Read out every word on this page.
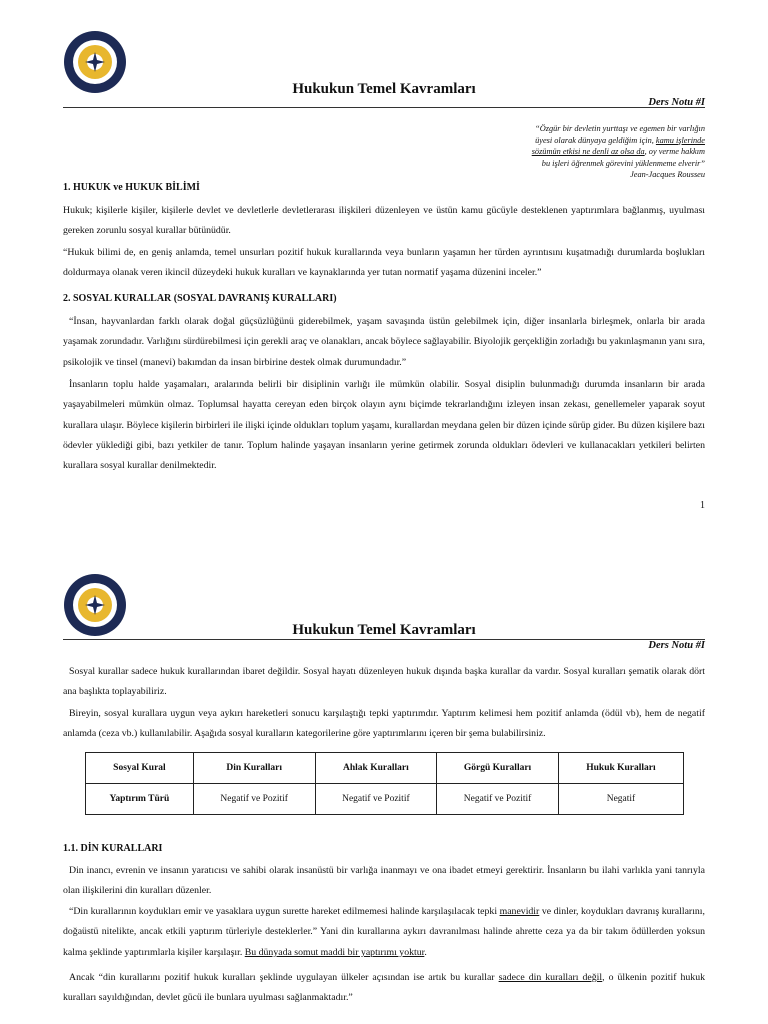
Hukukun Temel Kavramları
Ders Notu #I
“Özgür bir devletin yurttaşı ve egemen bir varlığın
üyesi olarak dünyaya geldiğim için, kamu işlerinde
sözümün etkisi ne denli az olsa da, oy verme hakkım
bu işleri öğrenmek görevini yüklenmeme elverir”
Jean-Jacques Rousseu
1. HUKUK ve HUKUK BİLİMİ

Hukuk; kişilerle kişiler, kişilerle devlet ve devletlerle devletlerarası ilişkileri düzenleyen ve üstün kamu gücüyle desteklenen yaptırımlara bağlanmış, uyulması gereken zorunlu sosyal kurallar bütünüdür.

“Hukuk bilimi de, en geniş anlamda, temel unsurları pozitif hukuk kurallarında veya bunların yaşamın her türden ayrıntısını kuşatmadığı durumlarda boşlukları doldurmaya olanak veren ikincil düzeydeki hukuk kuralları ve kaynaklarında yer tutan normatif yaşama düzenini inceler.”

2. SOSYAL KURALLAR (SOSYAL DAVRANIŞ KURALLARI)

“İnsan, hayvanlardan farklı olarak doğal güçsüzlüğünü giderebilmek, yaşam savaşında üstün gelebilmek için, diğer insanlarla birleşmek, onlarla bir arada yaşamak zorundadır. Varlığını sürdürebilmesi için gerekli araç ve olanakları, ancak böylece sağlayabilir. Biyolojik gerçekliğin zorladığı bu yakınlaşmanın yanı sıra, psikolojik ve tinsel (manevi) bakımdan da insan birbirine destek olmak durumundadır.”

İnsanların toplu halde yaşamaları, aralarında belirli bir disiplinin varlığı ile mümkün olabilir. Sosyal disiplin bulunmadığı durumda insanların bir arada yaşayabilmeleri mümkün olmaz. Toplumsal hayatta cereyan eden birçok olayın aynı biçimde tekrarlandığını izleyen insan zekası, genellemeler yaparak soyut kurallara ulaşır. Böylece kişilerin birbirleri ile ilişki içinde oldukları toplum yaşamı, kurallardan meydana gelen bir düzen içinde sürüp gider. Bu düzen kişilere bazı ödevler yüklediği gibi, bazı yetkiler de tanır. Toplum halinde yaşayan insanların yerine getirmek zorunda oldukları ödevleri ve kullanacakları yetkileri belirten kurallara sosyal kurallar denilmektedir.

1
Hukukun Temel Kavramları
Ders Notu #I

Sosyal kurallar sadece hukuk kurallarından ibaret değildir. Sosyal hayatı düzenleyen hukuk dışında başka kurallar da vardır. Sosyal kuralları şematik olarak dört ana başlıkta toplayabiliriz.

Bireyin, sosyal kurallara uygun veya aykırı hareketleri sonucu karşılaştığı tepki yaptırımdır. Yaptırım kelimesi hem pozitif anlamda (ödül vb), hem de negatif anlamda (ceza vb.) kullanılabilir. Aşağıda sosyal kuralların kategorilerine göre yaptırımlarını içeren bir şema bulabilirsiniz.

Sosyal Kural	Din Kuralları	Ahlak Kuralları	Görgü Kuralları	Hukuk Kuralları
Yaptırım Türü	Negatif ve Pozitif	Negatif ve Pozitif	Negatif ve Pozitif	Negatif
1.1. DİN KURALLARI

Din inancı, evrenin ve insanın yaratıcısı ve sahibi olarak insanüstü bir varlığa inanmayı ve ona ibadet etmeyi gerektirir. İnsanların bu ilahi varlıkla yani tanrıyla olan ilişkilerini din kuralları düzenler.

“Din kurallarının koydukları emir ve yasaklara uygun surette hareket edilmemesi halinde karşılaşılacak tepki manevidir ve dinler, koydukları davranış kurallarını, doğaüstü nitelikte, ancak etkili yaptırım türleriyle desteklerler.” Yani din kurallarına aykırı davranılması halinde ahrette ceza ya da bir takım ödüllerden yoksun kalma şeklinde yaptırımlarla kişiler karşılaşır. Bu dünyada somut maddi bir yaptırımı yoktur.

Ancak “din kurallarını pozitif hukuk kuralları şeklinde uygulayan ülkeler açısından ise artık bu kurallar sadece din kuralları değil, o ülkenin pozitif hukuk kuralları sayıldığından, devlet gücü ile bunlara uyulması sağlanmaktadır.”
